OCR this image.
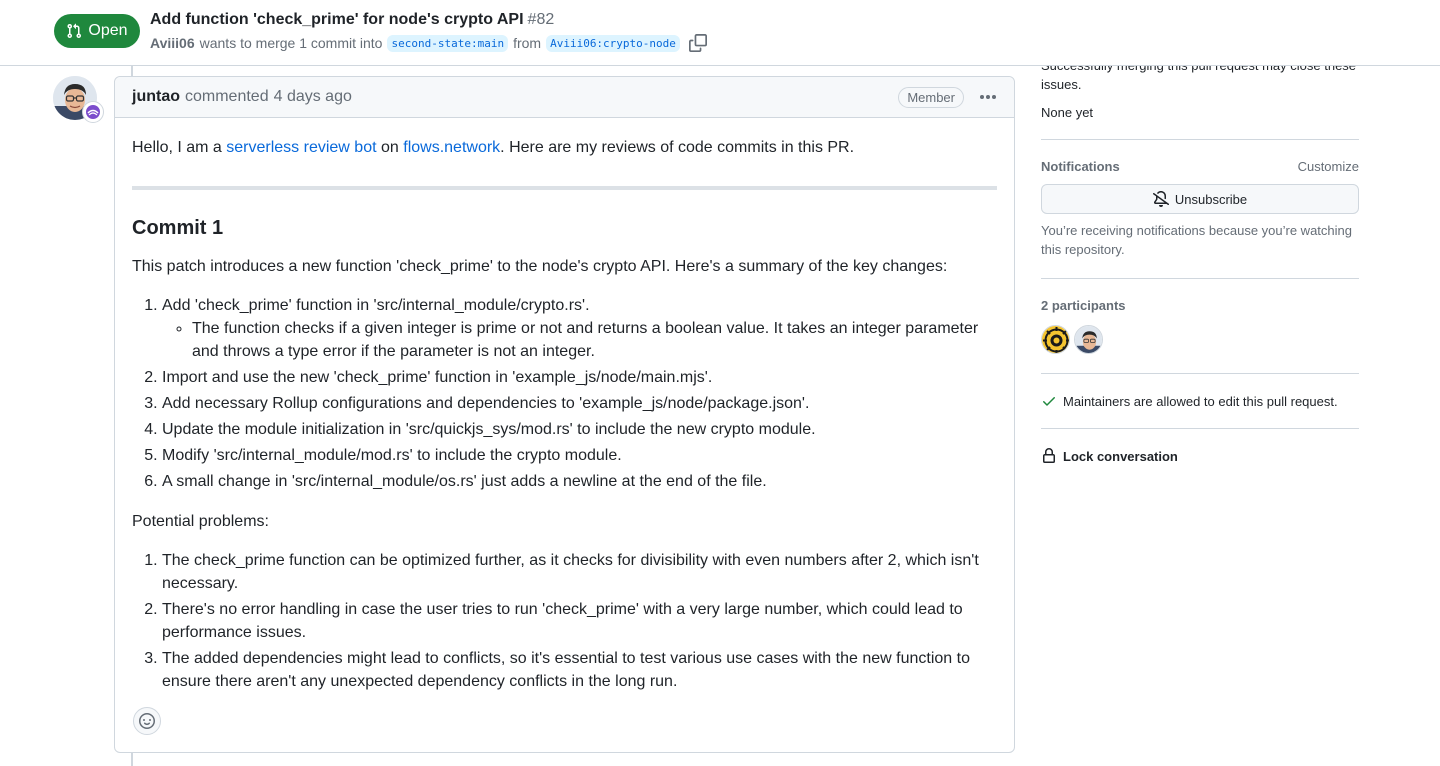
Open
Add function 'check_prime' for node's crypto API #82
Aviii06 wants to merge 1 commit into second-state:main from Aviii06:crypto-node
juntao commented 4 days ago	Member

Hello, I am a serverless review bot on flows.network. Here are my reviews of code commits in this PR.

Commit 1

This patch introduces a new function 'check_prime' to the node's crypto API. Here's a summary of the key changes:

1. Add 'check_prime' function in 'src/internal_module/crypto.rs'.
◦ The function checks if a given integer is prime or not and returns a boolean value. It takes an integer parameter and throws a type error if the parameter is not an integer.
2. Import and use the new 'check_prime' function in 'example_js/node/main.mjs'.
3. Add necessary Rollup configurations and dependencies to 'example_js/node/package.json'.
4. Update the module initialization in 'src/quickjs_sys/mod.rs' to include the new crypto module.
5. Modify 'src/internal_module/mod.rs' to include the crypto module.
6. A small change in 'src/internal_module/os.rs' just adds a newline at the end of the file.

Potential problems:

1. The check_prime function can be optimized further, as it checks for divisibility with even numbers after 2, which isn't necessary.
2. There's no error handling in case the user tries to run 'check_prime' with a very large number, which could lead to performance issues.
3. The added dependencies might lead to conflicts, so it's essential to test various use cases with the new function to ensure there aren't any unexpected dependency conflicts in the long run.
issues.
None yet
Notifications	Customize
Unsubscribe
You’re receiving notifications because you’re watching this repository.
2 participants
Maintainers are allowed to edit this pull request.
Lock conversation
